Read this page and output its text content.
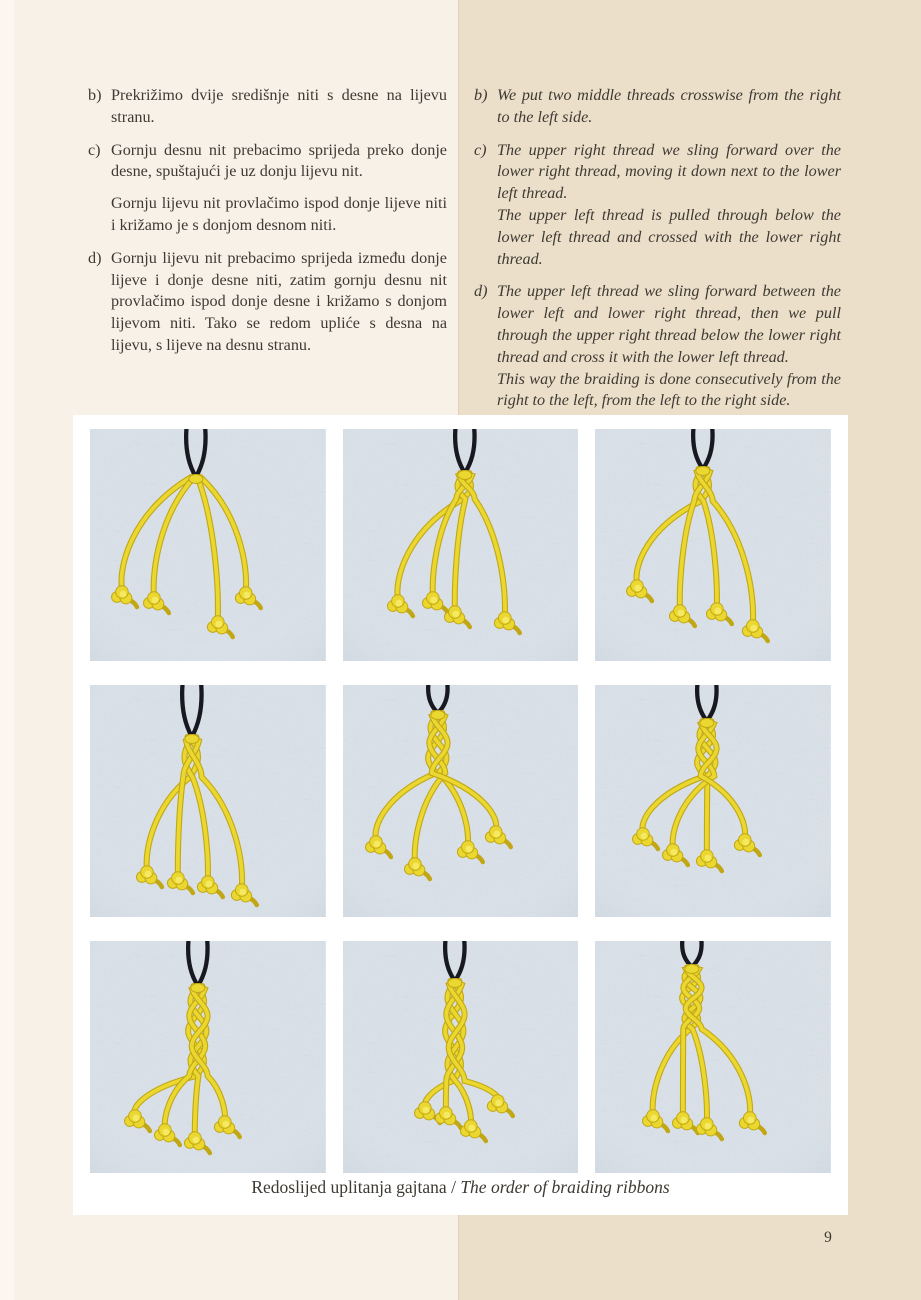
b) Prekrižimo dvije središnje niti s desne na lijevu stranu.

c) Gornju desnu nit prebacimo sprijeda preko donje desne, spuštajući je uz donju lijevu nit.

Gornju lijevu nit provlačimo ispod donje lijeve niti i križamo je s donjom desnom niti.

d) Gornju lijevu nit prebacimo sprijeda između donje lijeve i donje desne niti, zatim gornju desnu nit provlačimo ispod donje desne i križamo s donjom lijevom niti. Tako se redom upliće s desna na lijevu, s lijeve na desnu stranu.

b) We put two middle threads crosswise from the right to the left side.

c) The upper right thread we sling forward over the lower right thread, moving it down next to the lower left thread.

The upper left thread is pulled through below the lower left thread and crossed with the lower right thread.

d) The upper left thread we sling forward between the lower left and lower right thread, then we pull through the upper right thread below the lower right thread and cross it with the lower left thread.

This way the braiding is done consecutively from the right to the left, from the left to the right side.

Redoslijed uplitanja gajtana / The order of braiding ribbons
9
